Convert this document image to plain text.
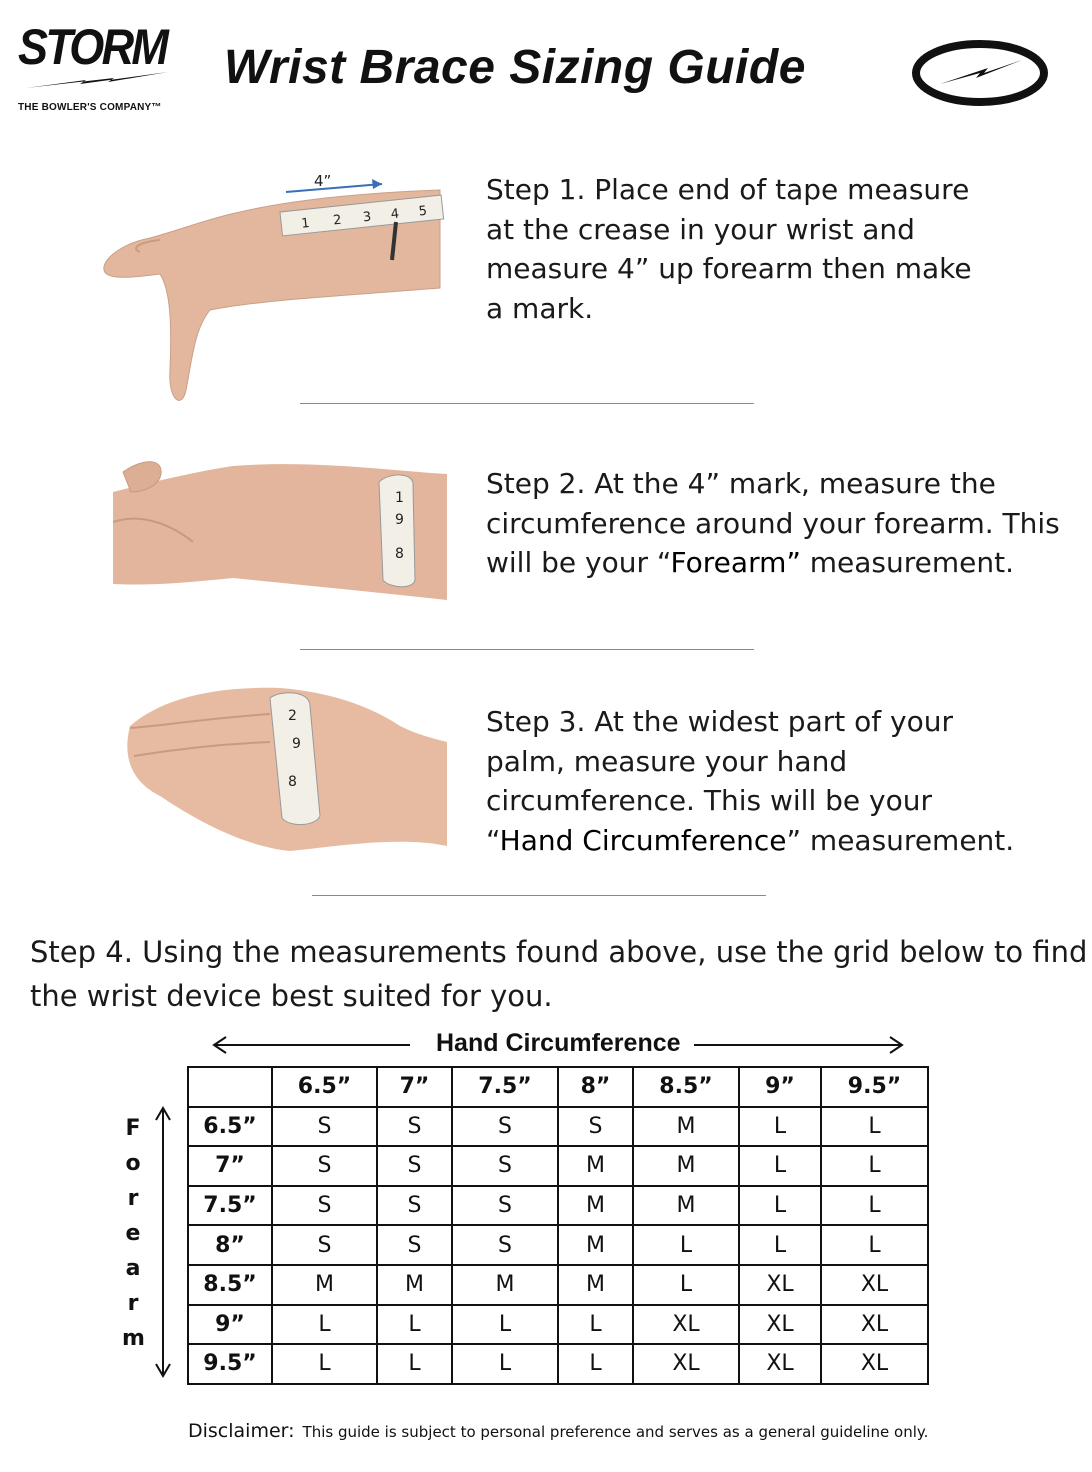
STORM
THE BOWLER'S COMPANY™
Wrist Brace Sizing Guide
1 2 3 4 5
4”	Step 1. Place end of tape measure
at the crease in your wrist and
measure 4” up forearm then make
a mark.
1
9
8
Step 2. At the 4” mark, measure the
circumference around your forearm. This
will be your “Forearm” measurement.
2
9
8
Step 3. At the widest part of your
palm, measure your hand
circumference. This will be your
“Hand Circumference” measurement.
Step 4. Using the measurements found above, use the grid below to find
the wrist device best suited for you.
Hand Circumference
F
o
r
e
a
r
m
	6.5”	7”	7.5”	8”	8.5”	9”	9.5”
6.5”	S	S	S	S	M	L	L
7”	S	S	S	M	M	L	L
7.5”	S	S	S	M	M	L	L
8”	S	S	S	M	L	L	L
8.5”	M	M	M	M	L	XL	XL
9”	L	L	L	L	XL	XL	XL
9.5”	L	L	L	L	XL	XL	XL
Disclaimer: This guide is subject to personal preference and serves as a general guideline only.
